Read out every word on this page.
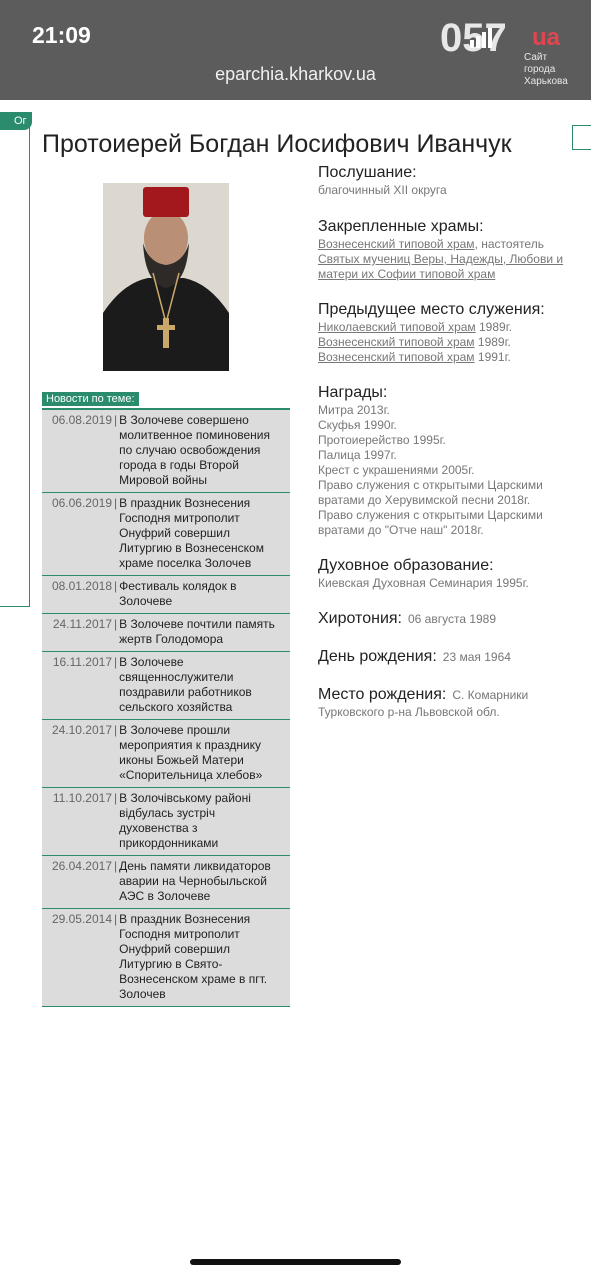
21:09	057 ua
Сайт города
Харькова
eparchia.kharkov.ua
Ог
Протоиерей Богдан Иосифович Иванчук
Новости по теме:
06.08.2019 | В Золочеве совершено молитвенное поминовения по случаю освобождения города в годы Второй Мировой войны
06.06.2019 | В праздник Вознесения Господня митрополит Онуфрий совершил Литургию в Вознесенском храме поселка Золочев
08.01.2018 | Фестиваль колядок в Золочеве
24.11.2017 | В Золочеве почтили память жертв Голодомора
16.11.2017 | В Золочеве священнослужители поздравили работников сельского хозяйства
24.10.2017 | В Золочеве прошли мероприятия к празднику иконы Божьей Матери «Спорительница хлебов»
11.10.2017 | В Золочівському районі відбулась зустріч духовенства з прикордонниками
26.04.2017 | День памяти ликвидаторов аварии на Чернобыльской АЭС в Золочеве
29.05.2014 | В праздник Вознесения Господня митрополит Онуфрий совершил Литургию в Свято-Вознесенском храме в пгт. Золочев
Послушание:
благочинный XII округа
Закрепленные храмы:
Вознесенский типовой храм, настоятель
Святых мучениц Веры, Надежды, Любови и матери их Софии типовой храм
Предыдущее место служения:
Николаевский типовой храм 1989г.
Вознесенский типовой храм 1989г.
Вознесенский типовой храм 1991г.
Награды:
Митра 2013г.
Скуфья 1990г.
Протоиерейство 1995г.
Палица 1997г.
Крест с украшениями 2005г.
Право служения с открытыми Царскими вратами до Херувимской песни 2018г.
Право служения с открытыми Царскими вратами до "Отче наш" 2018г.
Духовное образование:
Киевская Духовная Семинария 1995г.
Хиротония: 06 августа 1989
День рождения: 23 мая 1964
Место рождения: С. Комарники
Турковского р-на Львовской обл.
